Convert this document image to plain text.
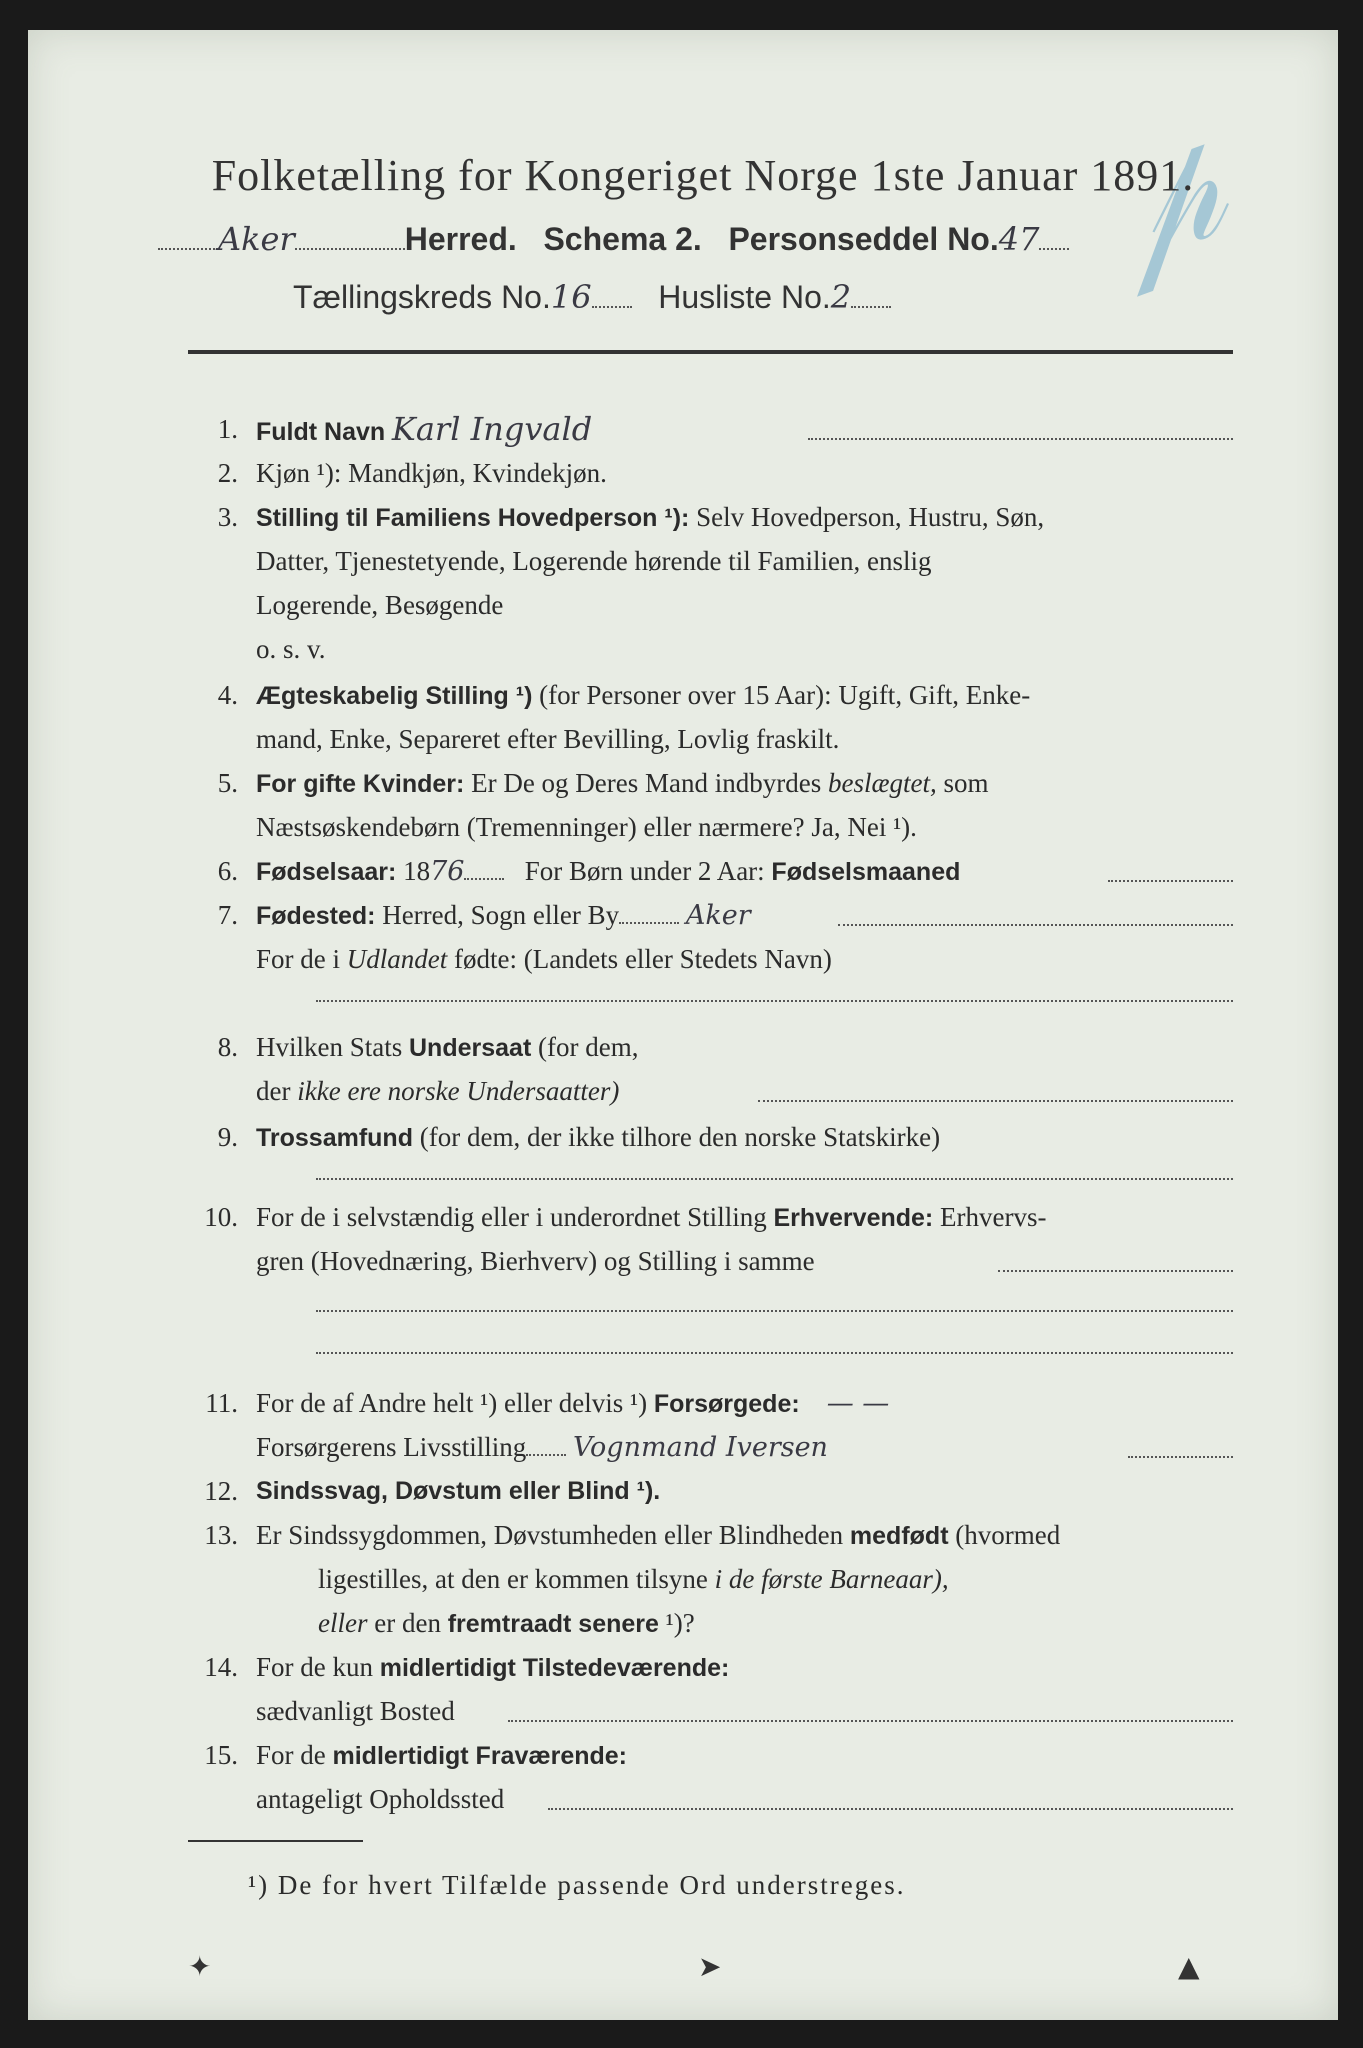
𝓅
Folketælling for Kongeriget Norge 1ste Januar 1891.
Aker	Herred. Schema 2. Personseddel No.47
Tællingskreds No.16 Husliste No.2
1. Fuldt Navn Karl Ingvald
2. Kjøn ¹): Mandkjøn, Kvindekjøn.
3. Stilling til Familiens Hovedperson ¹): Selv Hovedperson, Hustru, Søn,
Datter, Tjenestetyende, Logerende hørende til Familien, enslig
Logerende, Besøgende
o. s. v.
4. Ægteskabelig Stilling ¹) (for Personer over 15 Aar): Ugift, Gift, Enke-
mand, Enke, Separeret efter Bevilling, Lovlig fraskilt.
5. For gifte Kvinder: Er De og Deres Mand indbyrdes beslægtet, som
Næstsøskendebørn (Tremenninger) eller nærmere? Ja, Nei ¹).
6. Fødselsaar: 1876 For Børn under 2 Aar: Fødselsmaaned
7. Fødested: Herred, Sogn eller By Aker
For de i Udlandet fødte: (Landets eller Stedets Navn)
8. Hvilken Stats Undersaat (for dem,
der ikke ere norske Undersaatter)
9. Trossamfund (for dem, der ikke tilhore den norske Statskirke)
10. For de i selvstændig eller i underordnet Stilling Erhvervende: Erhvervs-
gren (Hovednæring, Bierhverv) og Stilling i samme
11. For de af Andre helt ¹) eller delvis ¹) Forsørgede: — —
Forsørgerens Livsstilling Vognmand Iversen
12. Sindssvag, Døvstum eller Blind ¹).
13. Er Sindssygdommen, Døvstumheden eller Blindheden medfødt (hvormed
ligestilles, at den er kommen tilsyne i de første Barneaar),
eller er den fremtraadt senere ¹)?
14. For de kun midlertidigt Tilstedeværende:
sædvanligt Bosted
15. For de midlertidigt Fraværende:
antageligt Opholdssted
¹) De for hvert Tilfælde passende Ord understreges.
✦	➤	▲
